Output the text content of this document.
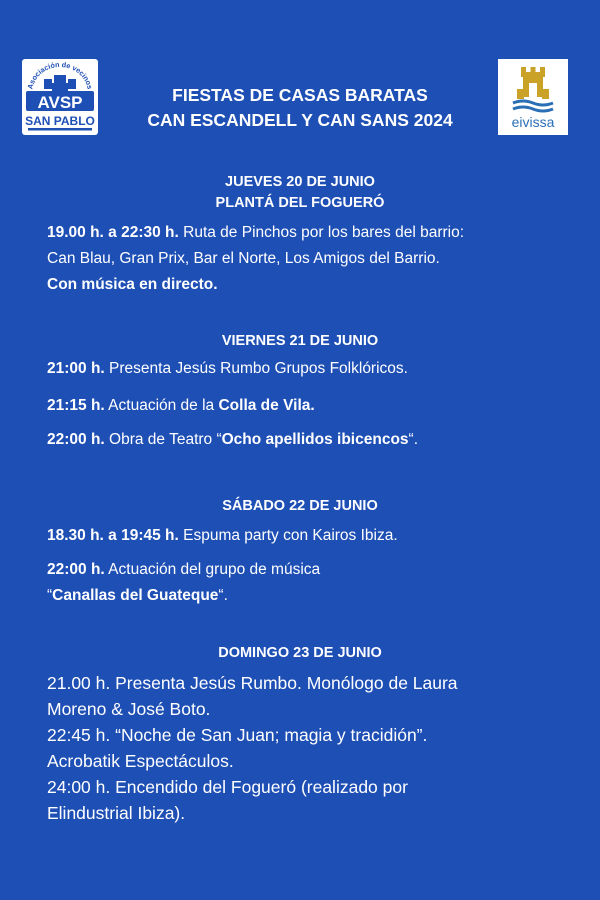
Asociación de vecinos
AVSP
SAN PABLO	eivissa
FIESTAS DE CASAS BARATAS
CAN ESCANDELL Y CAN SANS 2024
JUEVES 20 DE JUNIO
PLANTÁ DEL FOGUERÓ
19.00 h. a 22:30 h. Ruta de Pinchos por los bares del barrio:
Can Blau, Gran Prix, Bar el Norte, Los Amigos del Barrio.
Con música en directo.
VIERNES 21 DE JUNIO
21:00 h. Presenta Jesús Rumbo Grupos Folklóricos.
21:15 h. Actuación de la Colla de Vila.
22:00 h. Obra de Teatro “Ocho apellidos ibicencos“.
SÁBADO 22 DE JUNIO
18.30 h. a 19:45 h. Espuma party con Kairos Ibiza.
22:00 h. Actuación del grupo de música
“Canallas del Guateque“.
DOMINGO 23 DE JUNIO
21.00 h. Presenta Jesús Rumbo. Monólogo de Laura
Moreno & José Boto.
22:45 h. “Noche de San Juan; magia y tracidión”.
Acrobatik Espectáculos.
24:00 h. Encendido del Fogueró (realizado por
Elindustrial Ibiza).
